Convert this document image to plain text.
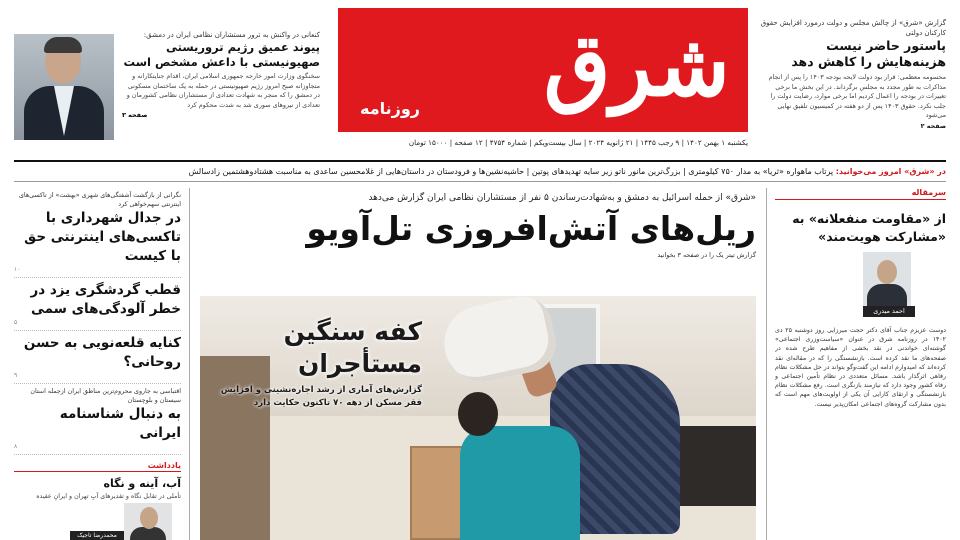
کنعانی در واکنش به ترور مستشاران نظامی ایران در دمشق:
پیوند عمیق رژیم تروریستی صهیونیستی با داعش مشخص است
سخنگوی وزارت امور خارجه جمهوری اسلامی ایران، اقدام جنایتکارانه و متجاوزانه صبح امروز رژیم صهیونیستی در حمله به یک ساختمان مسکونی در دمشق را که منجر به شهادت تعدادی از مستشاران نظامی کشورمان و تعدادی از نیروهای سوری شد به شدت محکوم کرد
صفحه ۳	شرق
روزنامه
یکشنبه ۱ بهمن ۱۴۰۲ | ۹ رجب ۱۴۴۵ | ۲۱ ژانویه ۲۰۲۴ | سال بیست‌ویکم | شماره ۴۷۵۴ | ۱۲ صفحه | ۱۵۰۰۰ تومان
گزارش «شرق» از چالش مجلس و دولت درمورد افزایش حقوق کارکنان دولتی
پاستور حاضر نیست هزینه‌هایش را کاهش دهد
محسومه معظمی: قرار بود دولت لایحه بودجه ۱۴۰۳ را پس از انجام مذاکرات به طور مجدد به مجلس برگرداند. در این بخش ما برخی تغییرات در بودجه را اعمال کردیم اما برخی موارد، رضایت دولت را جلب نکرد. حقوق ۱۴۰۳ پس از دو هفته در کمیسیون تلفیق نهایی می‌شود
صفحه ۲
در «شرق» امروز می‌خوانید: پرتاب ماهواره «ثریا» به مدار ۷۵۰ کیلومتری | بزرگ‌ترین مانور ناتو زیر سایه تهدیدهای پوتین | حاشیه‌نشین‌ها و فرودستان در داستان‌هایی از غلامحسین ساعدی به مناسبت هشتادوهشتمین زادسالش
سرمقاله
از «مقاومت منفعلانه» به «مشارکت هویت‌مند»
احمد میدری
دوست عزیزم جناب آقای دکتر حجت میرزایی روز دوشنبه ۲۵ دی ۱۴۰۲ در روزنامه شرق در عنوان «سیاست‌وزری اجتماعی» گوشته‌ای خواندنی در نقد بخشی از مفاهیم طرح شده در صفحه‌های ما نقد کرده است. بازنشستگی را که در مقاله‌ای نقد کرده‌اند که امیدوارم ادامه این گفت‌وگو بتواند در حل مشکلات نظام رفاهی اثرگذار باشد. مسائل متعددی در نظام تأمین اجتماعی و رفاه کشور وجود دارد که نیازمند بازنگری است. رفع مشکلات نظام بازنشستگی و ارتقای کارایی آن یکی از اولویت‌های مهم است که بدون مشارکت گروه‌های اجتماعی امکان‌پذیر نیست.
«شرق» از حمله اسرائیل به دمشق و به‌شهادت‌رساندن ۵ نفر از مستشاران نظامی ایران گزارش می‌دهد
ریل‌های آتش‌افروزی تل‌آویو
گزارش تیتر یک را در صفحه ۳ بخوانید
کفه سنگین
مستأجران
گزارش‌های آماری از رشد اجاره‌نشینی و افزایش فقر مسکن از دهه ۷۰ تاکنون حکایت دارد
نگرانی از بازگشت آشفتگی‌های شهری «بهشت» از تاکسی‌های اینترنتی سهم‌خواهی کرد
در جدال شهرداری با تاکسی‌های اینترنتی حق با کیست
۱۰
قطب گردشگری یزد در خطر آلودگی‌های سمی
۵
کنایه قلعه‌نویی به حسن روحانی؟
۹
اقتباسی به جاروی محروم‌ترین مناطق ایران ازجمله استان سیستان و بلوچستان
به دنبال شناسنامه ایرانی
۸
یادداشت
آب، آینه و نگاه
تأملی در تقابل نگاه و تقدیرهای آبِ تهران و ایرانِ عقیده
محمدرضا تاجیک
